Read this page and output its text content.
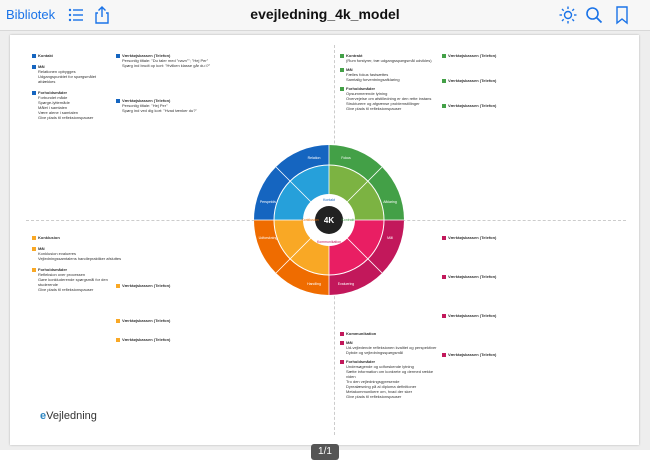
Bibliotek	evejledning_4k_model
Kontakt
Mål
Relationen opbygges
Udgangspunktet for spørgsmålet afdækkes
Forholdsmåder
Forbundet måde
Spørge-lyttemåde
Målet i samtalen
Være alene i samtalen
Give plads til refleksionspauser
Værktøjskassen (Telefon)
Personlig tiltale: "Du taler med "navn""; "Hej Per"
Spørg ind brudt op kort: "Hvilken klasse går du i?"
Værktøjskassen (Telefon)
Personlig tiltale: "Hej Per"
Spørg ind ved dig kort: "Hvad tænker du?"
Kontrakt
(Rum forstyrer, træ udgangsspørgsmål udvikles)
Mål
Fælles fokus fastsættes
Samtalig forventningsafklaring
Forholdsmåder
Opsummerende lytning
Overvejelse om afstilledning er den rette instans
Strukturere og afgrænse problemstillinger
Give plads til refleksionspauser
Værktøjskassen (Telefon)
Værktøjskassen (Telefon)
Værktøjskassen (Telefon)
Konklusion
Mål
Konklusion evalueres
Vejledningssamtalens handlepraktiker afsluttes
Forholdsmåder
Refleksion over processen
Gøre konkluderende spørgsmål for den studerende
Give plads til refleksionspauser
Værktøjskassen (Telefon)
Værktøjskassen (Telefon)
Værktøjskassen (Telefon)
Kommunikation
Mål
Ud-vejledende refleksionen kvalitet og perspektiver
Dybde og vejledningsspørgsmål
Forholdsmåder
Undersøgende og udforskende lytning
Sætte information om konkrete og dermed række viden
Tro den vejledningsgyresende
Dyrealæsning på al diploma definitioner
Metakommunikere om, hvad der sker
Give plads til refleksionspauser
Værktøjskassen (Telefon)
Værktøjskassen (Telefon)
Værktøjskassen (Telefon)
Værktøjskassen (Telefon)
4K
Kontakt
Kontrakt
Konklusion
Kommunikation
Relation	Fokus
Afklaring
Mål
Evaluering
Handling
Udforskning
Perspektiv
eVejledning
1/1
